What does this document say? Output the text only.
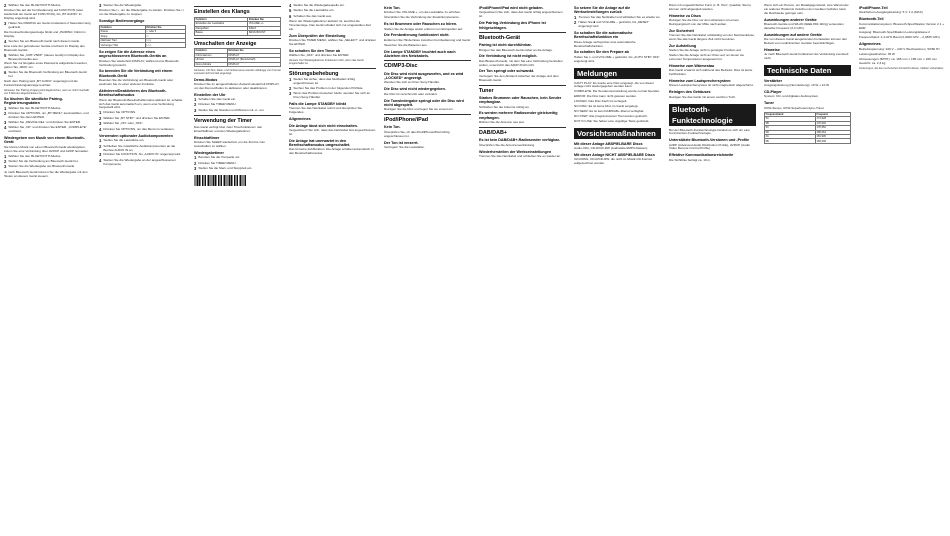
2 Wählen Sie den BLUETOOTH-Modus.

Drücken Sie auf der Fernbedienung auf FUNCTION (oder wiederholt am Gerät auf FUNCTION), bis „BT AUDIO“ im Display angezeigt wird.

3 Halten Sie PAIRING am Gerät mindestens 2 Sekunden lang gedrückt.

Die Funkverbindungsanzeige blinkt und „PAIRING“ blinkt im Display.

4 Suchen Sie am Bluetooth-Gerät nach diesem Gerät.

Eine Liste der gefundenen Geräte erscheint im Display des Bluetooth-Geräts.

5 Wählen Sie „CMT-V50IP“ (dieses Gerät) im Display des Bluetooth-Geräts aus.

Wenn Sie zur Eingabe eines Passworts aufgefordert werden, geben Sie „0000“ ein.

6 Stellen Sie die Bluetooth-Verbindung am Bluetooth-Gerät her.

Nach dem Pairing wird „BT AUDIO“ angezeigt und die Funkverbindungsanzeige leuchtet.

Hinweise: Der Pairing-Vorgang wird abgebrochen, wenn er nicht innerhalb von 5 Minuten abgeschlossen ist.
So löschen Sie sämtliche Pairing-Registrierungsdaten
1 Wählen Sie den BLUETOOTH-Modus.
2 Drücken Sie OPTIONS, um „BT MENU“ auszuwählen, und drücken Sie dann ENTER.
3 Wählen Sie „DEVICE DEL“ und drücken Sie ENTER.
4 Wählen Sie „OK“ und drücken Sie ENTER. „COMPLETE“ erscheint.
Wiedergeben von Musik von einem Bluetooth-Gerät

Sie können Musik von einem Bluetooth-Gerät wiedergeben, indem Sie eine Verbindung über AVRCP und A2DP herstellen.

1 Wählen Sie den BLUETOOTH-Modus.
2 Stellen Sie die Verbindung am Bluetooth-Gerät her.
3 Starten Sie die Wiedergabe am Bluetooth-Gerät.

Je nach Bluetooth-Gerät können Sie die Wiedergabe mit den Tasten an diesem Gerät steuern.

3 Starten Sie die Wiedergabe.

Drücken Sie ▷, um die Wiedergabe zu starten. Drücken Sie □, um die Wiedergabe zu stoppen.

Sonstige Bedienvorgänge
Funktion	Drücken Sie
Pause	▷ oder ‖
Stopp	□
Nächster Titel	▷▷|
Vorheriger Titel	|◁◁
So zeigen Sie die Adresse eines angeschlossenen Bluetooth-Geräts an

Drücken Sie wiederholt DISPLAY, während eine Bluetooth-Verbindung besteht.

So beenden Sie die Verbindung mit einem Bluetooth-Gerät

Beenden Sie die Verbindung am Bluetooth-Gerät oder wechseln Sie zu einer anderen Funktion.

Aktivieren/Deaktivieren des Bluetooth-Bereitschaftsmodus

Wenn der Bluetooth-Bereitschaftsmodus aktiviert ist, schaltet sich das Gerät automatisch ein, wenn eine Verbindung hergestellt wird.

1 Drücken Sie OPTIONS.
2 Wählen Sie „BT STBY“ und drücken Sie ENTER.
3 Wählen Sie „ON“ oder „OFF“.
4 Drücken Sie OPTIONS, um das Menü zu verlassen.
Verwenden optionaler Audiokomponenten
1 Stellen Sie die Lautstärke ein.
2 Schließen Sie zusätzliche Audiokomponenten an die Buchse AUDIO IN an.
3 Drücken Sie FUNCTION, bis „AUDIO IN“ angezeigt wird.
4 Starten Sie die Wiedergabe an der angeschlossenen Komponente.
Einstellen des Klangs
Funktion	Drücken Sie
Einstellen der Lautstärke	VOLUME +/–
Klangeffekt	DSGX
Bässe	BASS BOOST
Umschalten der Anzeige
Funktion	Drücken Sie
Informationen	DISPLAY
Uhrzeit	DISPLAY (Bereitschaft)
Demo-Modus	DISPLAY
Hinweise: CD-Text, Datei- und Ordnernamen werden abhängig vom Format eventuell nicht korrekt angezeigt.
Demo-Modus

Drücken Sie im ausgeschalteten Zustand wiederholt DISPLAY, um den Demo-Modus zu aktivieren oder deaktivieren.

Einstellen der Uhr
1 Schalten Sie das Gerät ein.
2 Drücken Sie TIMER MENU.
3 Stellen Sie die Stunden und Minuten mit +/– ein.
Verwendung der Timer

Das Gerät verfügt über zwei Timerfunktionen: den Einschlaftimer und den Wiedergabetimer.

Einschlaftimer

Drücken Sie SLEEP wiederholt, um die Zeit bis zum Ausschalten zu wählen.

Wiedergabetimer
1 Bereiten Sie die Tonquelle vor.
2 Drücken Sie TIMER MENU.
3 Stellen Sie die Start- und Stoppzeit ein.
4 Stellen Sie die Wiedergabequelle ein.
5 Stellen Sie die Lautstärke ein.
6 Schalten Sie das Gerät aus.

Wenn der Wiedergabetimer aktiviert ist, leuchtet die Timeranzeige. Das Gerät schaltet sich zur eingestellten Zeit ein.

Zum Überprüfen der Einstellung

Drücken Sie TIMER MENU, wählen Sie „SELECT“ und drücken Sie ENTER.

So schalten Sie den Timer ab

Wählen Sie „OFF“ und drücken Sie ENTER.

Hinweis: Der Wiedergabetimer funktioniert nicht, wenn das Gerät eingeschaltet ist.
Störungsbehebung
1 Stellen Sie sicher, dass das Netzkabel richtig angeschlossen ist.
2 Suchen Sie das Problem in der folgenden Prüfliste.
3 Wenn das Problem bestehen bleibt, wenden Sie sich an Ihren Sony-Händler.
Falls die Lampe STANDBY blinkt

Trennen Sie das Netzkabel sofort und überprüfen Sie Folgendes.

Allgemeines
Die Anlage lässt sich nicht einschalten.

Vergewissern Sie sich, dass das Netzkabel fest angeschlossen ist.

Die Anlage hat unerwartet in den Bereitschaftsmodus umgeschaltet.

Das ist keine Fehlfunktion. Die Anlage schaltet automatisch in den Bereitschaftsmodus.

Kein Ton.

Drücken Sie VOLUME +, um die Lautstärke zu erhöhen.

Überprüfen Sie die Verbindung der Zusatzkomponente.

Es ist Brummen oder Rauschen zu hören.

Stellen Sie die Anlage weiter entfernt von Störquellen auf.

Die Fernbedienung funktioniert nicht.

Entfernen Sie Hindernisse zwischen Fernbedienung und Gerät.

Tauschen Sie die Batterien aus.

Die Lampe STANDBY leuchtet auch nach Abziehen des Netzkabels.
CD/MP3-Disc
Die Disc wird nicht ausgeworfen, und es wird „LOCKED“ angezeigt.

Wenden Sie sich an Ihren Sony-Händler.

Die Disc wird nicht wiedergegeben.

Die Disc ist verschmutzt oder verkratzt.

Die Tonwiedergabe springt oder die Disc wird nicht abgespielt.

Reinigen Sie die Disc und legen Sie sie erneut ein.

iPod/iPhone/iPad
Kein Ton.

Überprüfen Sie, ob das iPod/iPhone/iPad richtig angeschlossen ist.

Der Ton ist verzerrt.

Verringern Sie die Lautstärke.

iPod/iPhone/iPad wird nicht geladen.

Vergewissern Sie sich, dass das Gerät richtig angeschlossen ist.

Die Pairing-Verbindung des iPhone ist fehlgeschlagen.
Bluetooth-Gerät
Pairing ist nicht durchführbar.

Bringen Sie das Bluetooth-Gerät näher an die Anlage.

Die Verbindung ist nicht möglich.

Das Bluetooth-Gerät, mit dem Sie eine Verbindung herstellen wollen, unterstützt das A2DP-Profil nicht.

Der Ton springt oder schwankt.

Verringern Sie den Abstand zwischen der Anlage und dem Bluetooth-Gerät.

Tuner
Starkes Brummen oder Rauschen, kein Sender empfangbar.

Schließen Sie die Antenne richtig an.

Es werden mehrere Radiosender gleichzeitig empfangen.

Richten Sie die Antenne neu aus.

DAB/DAB+
Es ist kein DAB/DAB+-Radiosender verfügbar.

Überprüfen Sie die Antennenverbindung.

Wiederherstellen der Werkseinstellungen

Trennen Sie das Netzkabel und schließen Sie es wieder an.

So setzen Sie die Anlage auf die Werkseinstellungen zurück
1 Trennen Sie das Netzkabel und schließen Sie es wieder an.
2 Halten Sie ■ und VOLUME – gedrückt, bis „RESET“ angezeigt wird.
So schalten Sie die automatische Bereitschaftsfunktion ein

Diese Anlage verfügt über eine automatische Bereitschaftsfunktion.

So schalten Sie den Prepare ab

Halten Sie ▷ und VOLUME + gedrückt, bis „AUTO STBY OFF“ angezeigt wird.

Meldungen

CAN'T PLAY: Es wurde eine Disc eingelegt, die von dieser Anlage nicht wiedergegeben werden kann.

COMPLETE: Die Sendervoreinstellung wurde normal beendet.

ERROR: Die Disc kann nicht gelesen werden.

LOCKED: Das Disc-Fach ist verriegelt.

NO DISC: Es ist keine Disc im Gerät eingelegt.

NO SERV: Es ist kein DAB/DAB+-Dienst verfügbar.

NO STEP: Alle programmierten Titel wurden gelöscht.

NOT IN USE: Sie haben eine ungültige Taste gedrückt.

Vorsichtsmaßnahmen
Mit dieser Anlage ABSPIELBARE Discs

Audio-CDs, CD-R/CD-RW (Audiodaten/MP3-Dateien)

Mit dieser Anlage NICHT ABSPIELBARE Discs

CD-ROMs, CD-R/CD-RW, die nicht im Musik-CD-Format aufgezeichnet wurden.

Discs mit ungewöhnlicher Form (z. B. Herz, Quadrat, Stern) können nicht abgespielt werden.

Hinweise zu Discs

Reinigen Sie die Disc vor dem Abspielen mit einem Reinigungstuch von der Mitte nach außen.

Zur Sicherheit

Trennen Sie das Netzkabel vollständig von der Netzsteckdose, wenn Sie das Gerät längere Zeit nicht benutzen.

Zur Aufstellung

Stellen Sie die Anlage nicht in geneigter Position auf.

Stellen Sie die Anlage nicht an Orten auf, an denen sie extremen Temperaturen ausgesetzt ist.

Hinweise zum Wärmestau

Das Gerät erwärmt sich während des Betriebs. Dies ist keine Fehlfunktion.

Hinweise zum Lautsprechersystem

Dieses Lautsprechersystem ist nicht magnetisch abgeschirmt.

Reinigen des Gehäuses

Reinigen Sie das Gerät mit einem weichen Tuch.

Bluetooth-Funktechnologie

Bei der Bluetooth-Funktechnologie handelt es sich um eine Kurzstrecken-Funktechnologie.

Unterstützte Bluetooth-Versionen und -Profile

A2DP (Advanced Audio Distribution Profile), AVRCP (Audio Video Remote Control Profile)

Effektive Kommunikationsreichweite

Die Sichtlinie beträgt ca. 10 m.

Wenn sich ein Person, ein Metallgegenstand, eine Wand oder ein anderes Hindernis zwischen den Geräten befindet, kann die Reichweite geringer sein.

Auswirkungen anderer Geräte

Bluetooth-Geräte und WLAN (IEEE 802.11b/g) verwenden dieselbe Frequenz (2,4 GHz).

Auswirkungen auf andere Geräte

Die von diesem Gerät ausgehenden Funkwellen können den Betrieb von medizinischen Geräten beeinträchtigen.

Hinweise

Je nach Bluetooth-Gerät funktioniert die Verbindung eventuell nicht.

Technische Daten
Verstärker

Ausgangsleistung (Nennleistung): 10 W + 10 W

CD-Player

System: CD- und digitales Audiosystem

Tuner

UKW-Stereo, UKW-Superheterodyne-Tuner

Frequenzband	Frequenz
5A	174,928
5B	176,640
5C	178,352
5D	180,064
6A	181,936
6B	183,648
iPod/iPhone-Teil

Gleichstrom-Ausgangsleistung: 5 V, 1 A (MAX)

Bluetooth-Teil

Kommunikationssystem: Bluetooth-Spezifikation Version 2.1 + EDR

Ausgang: Bluetooth-Spezifikation Leistungsklasse 2

Frequenzband: 2,4-GHz-Band (2,4000 GHz – 2,4835 GHz)

Allgemeines

Betriebsspannung: 220 V – 240 V Wechselstrom, 50/60 Hz

Leistungsaufnahme: 35 W

Abmessungen (B/H/T): ca. 185 mm × 185 mm × 166 mm

Gewicht: ca. 2,3 kg

Änderungen, die dem technischen Fortschritt dienen, bleiben vorbehalten.
